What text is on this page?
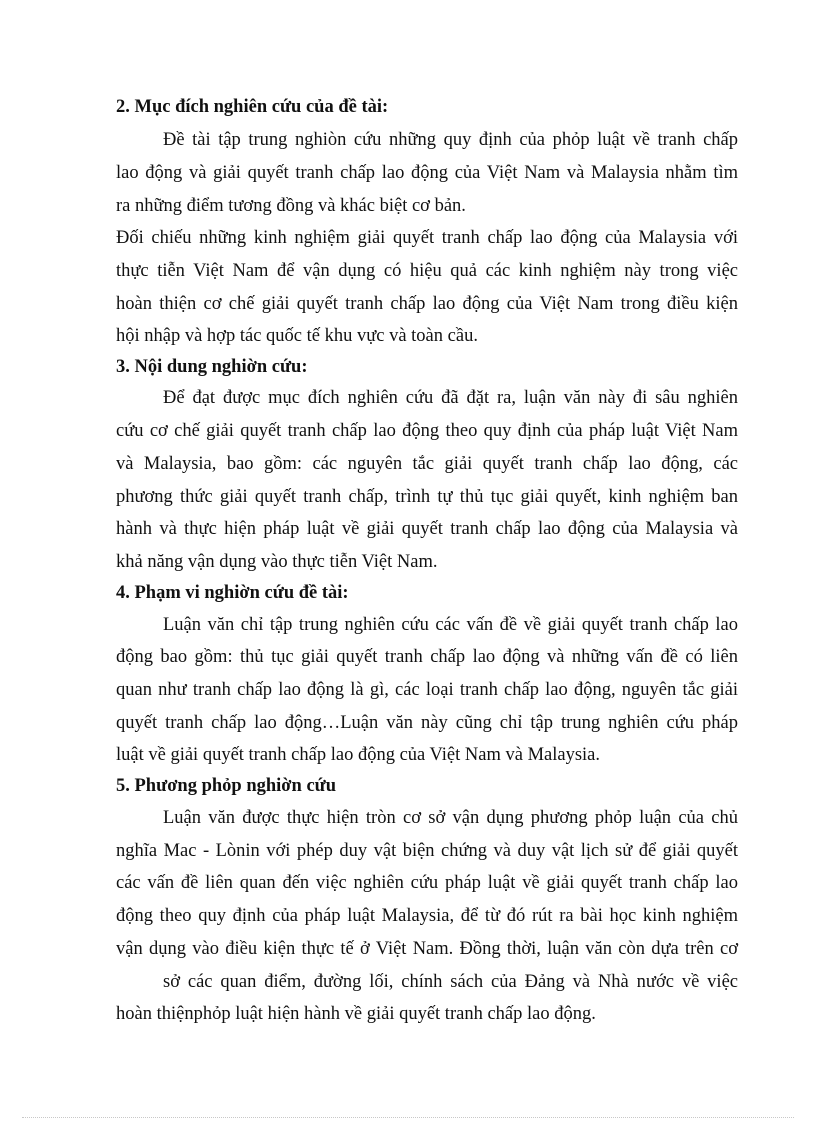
2. Mục đích nghiên cứu của đề tài:
Đề tài tập trung nghiòn cứu những quy định của phỏp luật về tranh chấp
lao động và giải quyết tranh chấp lao động của Việt Nam và Malaysia nhằm tìm
ra những điểm tương đồng và khác biệt cơ bản.
Đối chiếu những kinh nghiệm giải quyết tranh chấp lao động của Malaysia với
thực tiễn Việt Nam để vận dụng có hiệu quả các kinh nghiệm này trong việc
hoàn thiện cơ chế giải quyết tranh chấp lao động của Việt Nam trong điều kiện
hội nhập và hợp tác quốc tế khu vực và toàn cầu.
3. Nội dung nghiờn cứu:
Để đạt được mục đích nghiên cứu đã đặt ra, luận văn này đi sâu nghiên
cứu cơ chế giải quyết tranh chấp lao động theo quy định của pháp luật Việt Nam
và Malaysia, bao gồm: các nguyên tắc giải quyết tranh chấp lao động, các
phương thức giải quyết tranh chấp, trình tự thủ tục giải quyết, kinh nghiệm ban
hành và thực hiện pháp luật về giải quyết tranh chấp lao động của Malaysia và
khả năng vận dụng vào thực tiễn Việt Nam.
4. Phạm vi nghiờn cứu đề tài:
Luận văn chỉ tập trung nghiên cứu các vấn đề về giải quyết tranh chấp lao
động bao gồm: thủ tục giải quyết tranh chấp lao động và những vấn đề có liên
quan như tranh chấp lao động là gì, các loại tranh chấp lao động, nguyên tắc giải
quyết tranh chấp lao động…Luận văn này cũng chỉ tập trung nghiên cứu pháp
luật về giải quyết tranh chấp lao động của Việt Nam và Malaysia.
5. Phương phỏp nghiờn cứu
Luận văn được thực hiện tròn cơ sở vận dụng phương phỏp luận của chủ
nghĩa Mac - Lònin với phép duy vật biện chứng và duy vật lịch sử để giải quyết
các vấn đề liên quan đến việc nghiên cứu pháp luật về giải quyết tranh chấp lao
động theo quy định của pháp luật Malaysia, để từ đó rút ra bài học kinh nghiệm
vận dụng vào điều kiện thực tế ở Việt Nam. Đồng thời, luận văn còn dựa trên cơ
sở các quan điểm, đường lối, chính sách của Đảng và Nhà nước về việc
hoàn thiệnphỏp luật hiện hành về giải quyết tranh chấp lao động.
